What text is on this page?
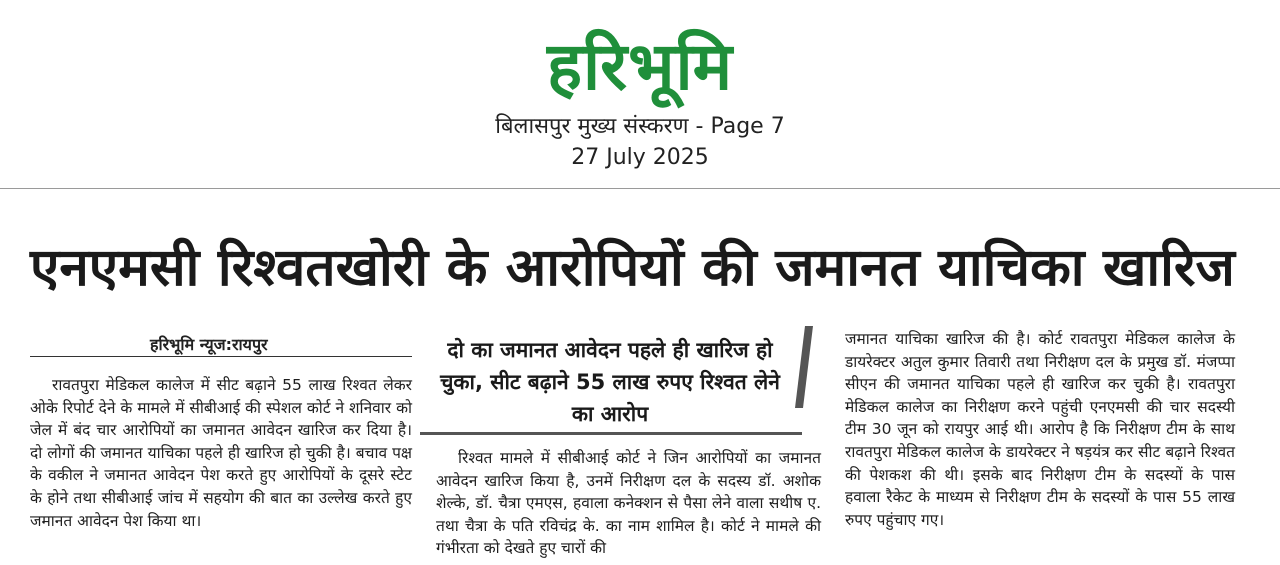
हरिभूमि
बिलासपुर मुख्य संस्करण - Page 7
27 July 2025
एनएमसी रिश्वतखोरी के आरोपियों की जमानत याचिका खारिज
हरिभूमि न्यूज:रायपुर

रावतपुरा मेडिकल कालेज में सीट बढ़ाने 55 लाख रिश्वत लेकर ओके रिपोर्ट देने के मामले में सीबीआई की स्पेशल कोर्ट ने शनिवार को जेल में बंद चार आरोपियों का जमानत आवेदन खारिज कर दिया है। दो लोगों की जमानत याचिका पहले ही खारिज हो चुकी है। बचाव पक्ष के वकील ने जमानत आवेदन पेश करते हुए आरोपियों के दूसरे स्टेट के होने तथा सीबीआई जांच में सहयोग की बात का उल्लेख करते हुए जमानत आवेदन पेश किया था।

दो का जमानत आवेदन पहले ही खारिज हो चुका, सीट बढ़ाने 55 लाख रुपए रिश्वत लेने का आरोप

रिश्वत मामले में सीबीआई कोर्ट ने जिन आरोपियों का जमानत आवेदन खारिज किया है, उनमें निरीक्षण दल के सदस्य डॉ. अशोक शेल्के, डॉ. चैत्रा एमएस, हवाला कनेक्शन से पैसा लेने वाला सथीष ए. तथा चैत्रा के पति रविचंद्र के. का नाम शामिल है। कोर्ट ने मामले की गंभीरता को देखते हुए चारों की

जमानत याचिका खारिज की है। कोर्ट रावतपुरा मेडिकल कालेज के डायरेक्टर अतुल कुमार तिवारी तथा निरीक्षण दल के प्रमुख डॉ. मंजप्पा सीएन की जमानत याचिका पहले ही खारिज कर चुकी है। रावतपुरा मेडिकल कालेज का निरीक्षण करने पहुंची एनएमसी की चार सदस्यी टीम 30 जून को रायपुर आई थी। आरोप है कि निरीक्षण टीम के साथ रावतपुरा मेडिकल कालेज के डायरेक्टर ने षड़यंत्र कर सीट बढ़ाने रिश्वत की पेशकश की थी। इसके बाद निरीक्षण टीम के सदस्यों के पास हवाला रैकेट के माध्यम से निरीक्षण टीम के सदस्यों के पास 55 लाख रुपए पहुंचाए गए।
